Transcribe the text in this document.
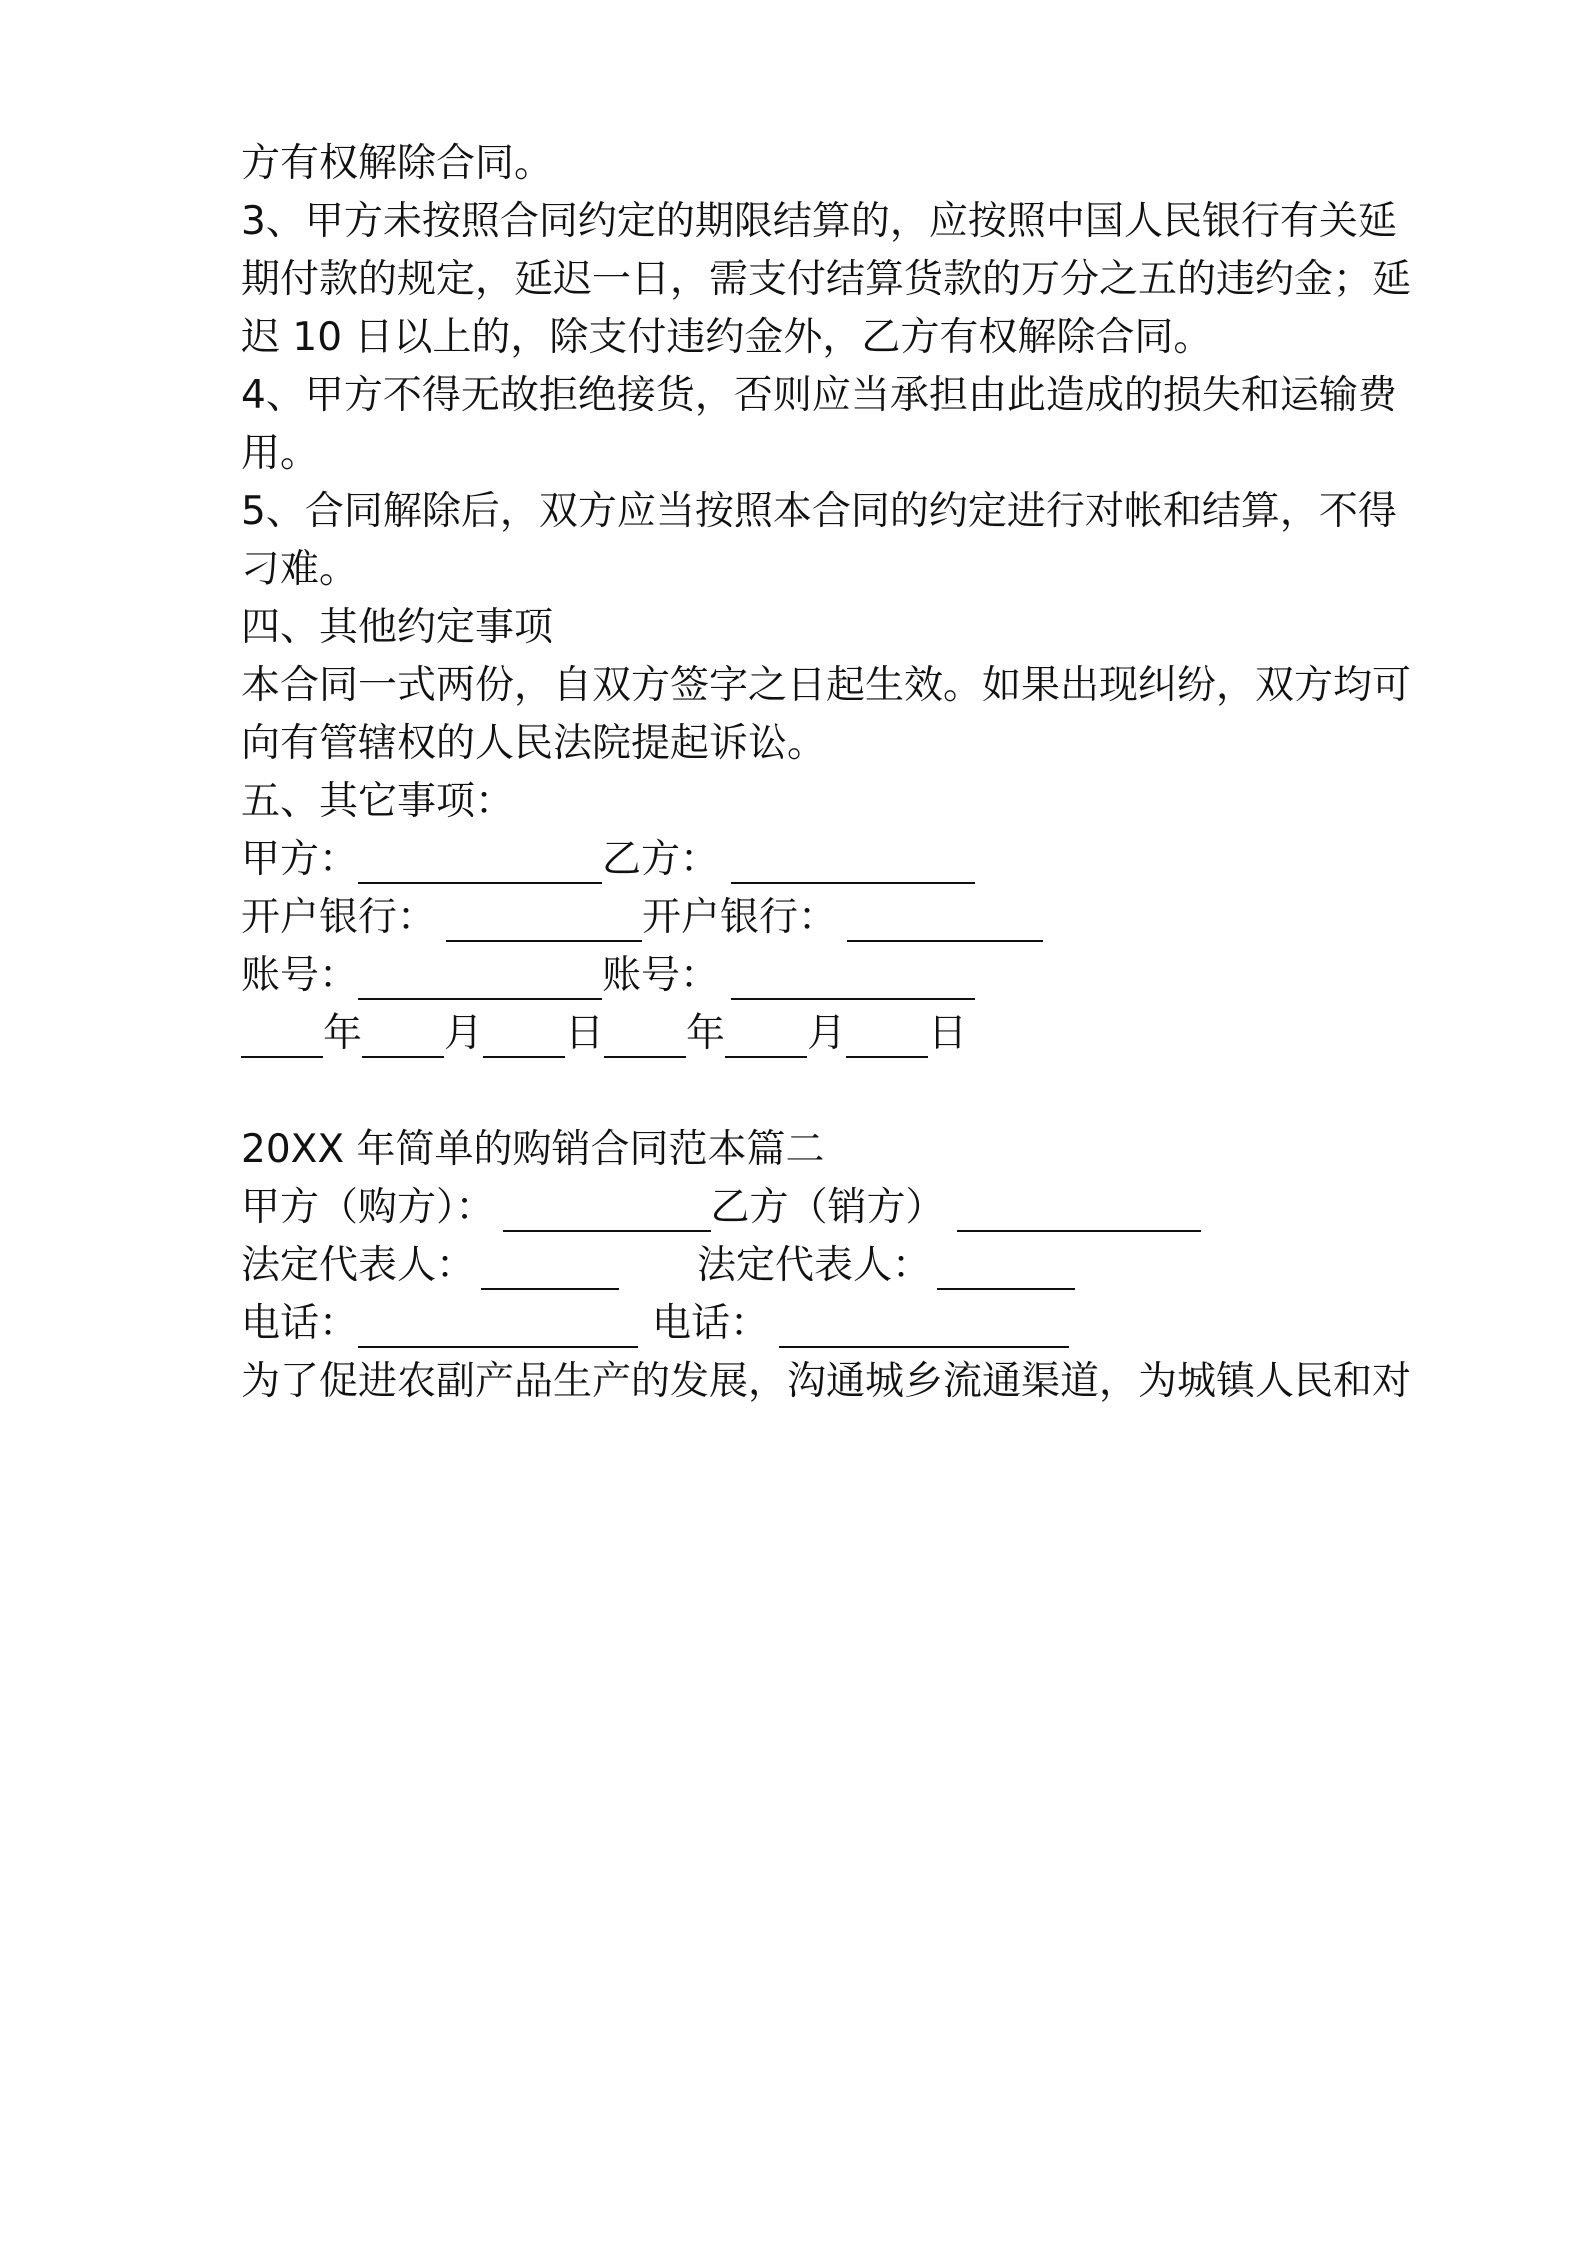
方有权解除合同。
3、甲方未按照合同约定的期限结算的，应按照中国人民银行有关延
期付款的规定，延迟一日，需支付结算货款的万分之五的违约金；延
迟 10 日以上的，除支付违约金外，乙方有权解除合同。
4、甲方不得无故拒绝接货，否则应当承担由此造成的损失和运输费
用。
5、合同解除后，双方应当按照本合同的约定进行对帐和结算，不得
刁难。
四、其他约定事项
本合同一式两份，自双方签字之日起生效。如果出现纠纷，双方均可
向有管辖权的人民法院提起诉讼。
五、其它事项：
甲方：	乙方：
开户银行：	开户银行：
账号：	账号：
年 月 日 年 月 日
20XX 年简单的购销合同范本篇二
甲方（购方）：	乙方（销方）
法定代表人：	法定代表人：
电话：	电话：
为了促进农副产品生产的发展，沟通城乡流通渠道，为城镇人民和对
